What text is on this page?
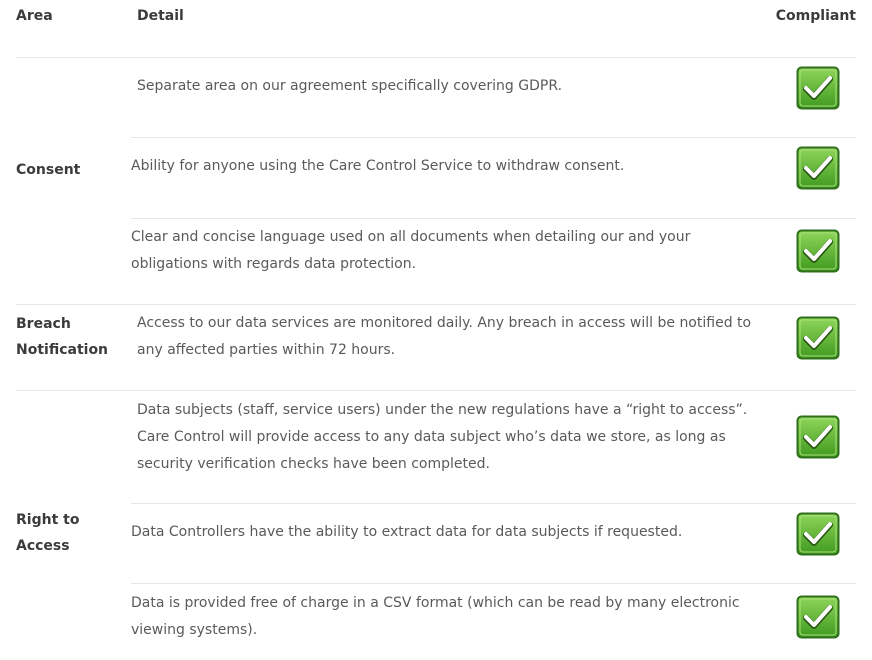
Area	Detail	Compliant
Consent
Breach
Notification
Right to Access
Separate area on our agreement specifically covering GDPR.
Ability for anyone using the Care Control Service to withdraw consent.
Clear and concise language used on all documents when detailing our and your obligations with regards data protection.
Access to our data services are monitored daily. Any breach in access will be notified to any affected parties within 72 hours.
Data subjects (staff, service users) under the new regulations have a “right to access”. Care Control will provide access to any data subject who’s data we store, as long as security verification checks have been completed.
Data Controllers have the ability to extract data for data subjects if requested.
Data is provided free of charge in a CSV format (which can be read by many electronic viewing systems).
